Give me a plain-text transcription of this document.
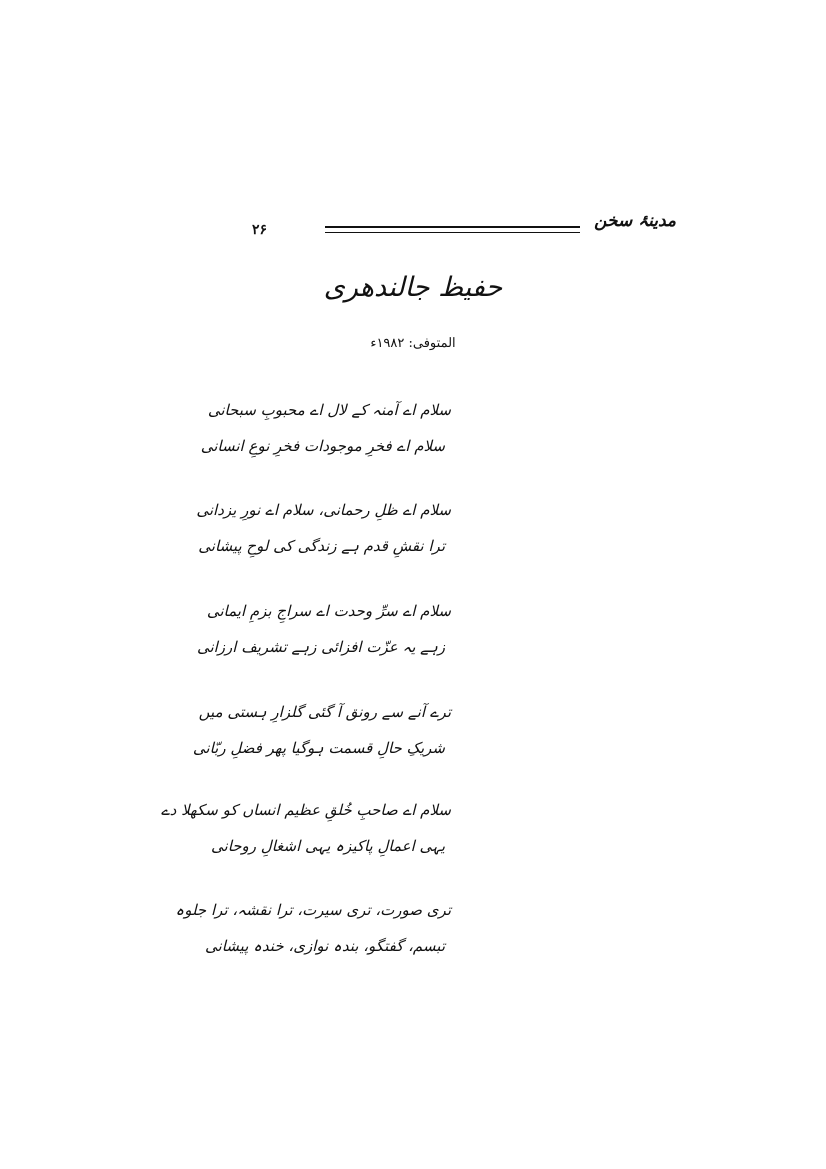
مدینۂ سخن
۲۶
حفیظ جالندھری
المتوفی: ۱۹۸۲ء
سلام اے آمنہ کے لال اے محبوبِ سبحانی
سلام اے فخرِ موجودات فخرِ نوعِ انسانی
سلام اے ظلِ رحمانی، سلام اے نورِ یزدانی
ترا نقشِ قدم ہے زندگی کی لوحِ پیشانی
سلام اے سرِّ وحدت اے سراجِ بزمِ ایمانی
زہے یہ عزّت افزائی زہے تشریف ارزانی
ترے آنے سے رونق آ گئی گلزارِ ہستی میں
شریکِ حالِ قسمت ہوگیا پھر فضلِ ربّانی
سلام اے صاحبِ خُلقِ عظیم انساں کو سکھلا دے
یہی اعمالِ پاکیزہ یہی اشغالِ روحانی
تری صورت، تری سیرت، ترا نقشہ، ترا جلوہ
تبسم، گفتگو، بندہ نوازی، خندہ پیشانی
